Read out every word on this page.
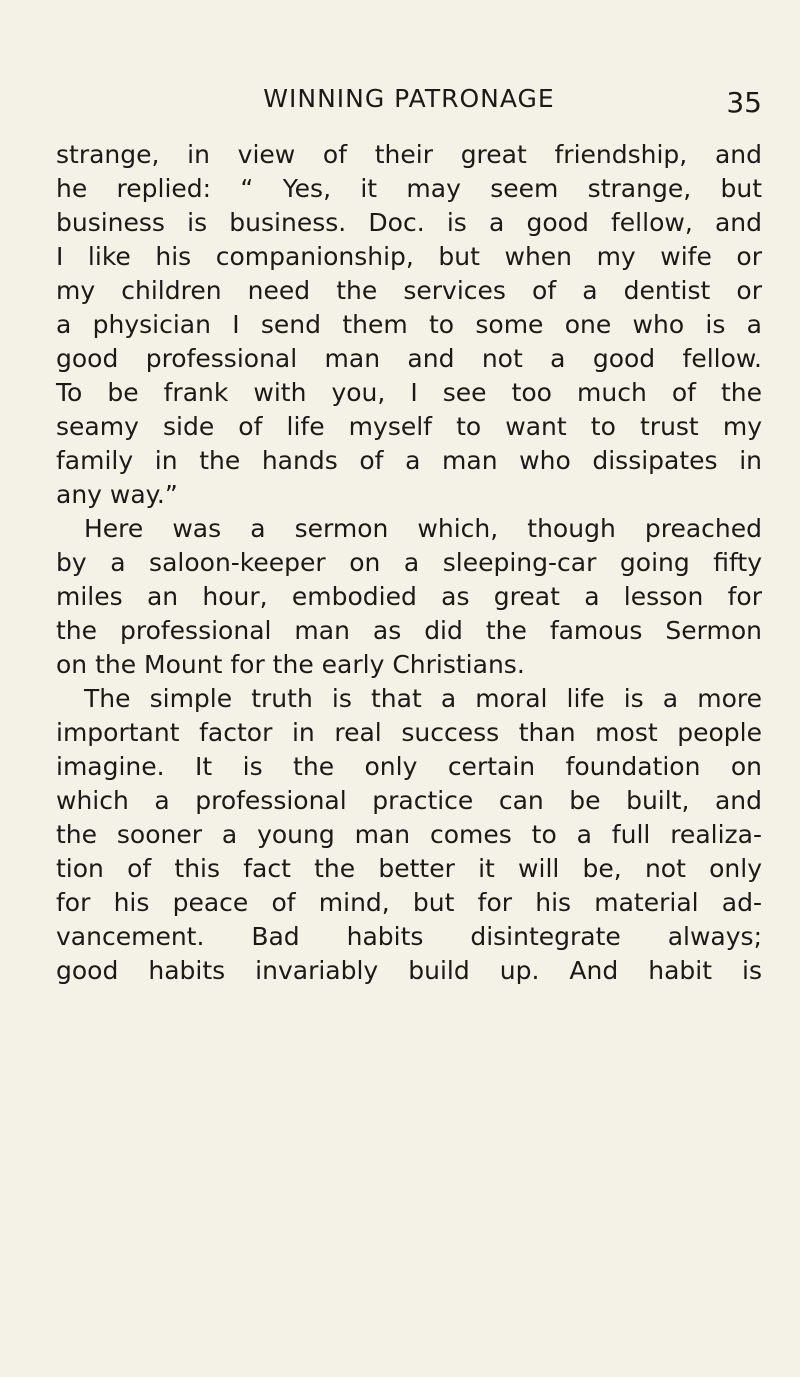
WINNING PATRONAGE	35
strange, in view of their great friendship, and
he replied: “ Yes, it may seem strange, but
business is business. Doc. is a good fellow, and
I like his companionship, but when my wife or
my children need the services of a dentist or
a physician I send them to some one who is a
good professional man and not a good fellow.
To be frank with you, I see too much of the
seamy side of life myself to want to trust my
family in the hands of a man who dissipates in
any way.”
Here was a sermon which, though preached
by a saloon-keeper on a sleeping-car going fifty
miles an hour, embodied as great a lesson for
the professional man as did the famous Sermon
on the Mount for the early Christians.
The simple truth is that a moral life is a more
important factor in real success than most people
imagine. It is the only certain foundation on
which a professional practice can be built, and
the sooner a young man comes to a full realiza-
tion of this fact the better it will be, not only
for his peace of mind, but for his material ad-
vancement. Bad habits disintegrate always;
good habits invariably build up. And habit is
